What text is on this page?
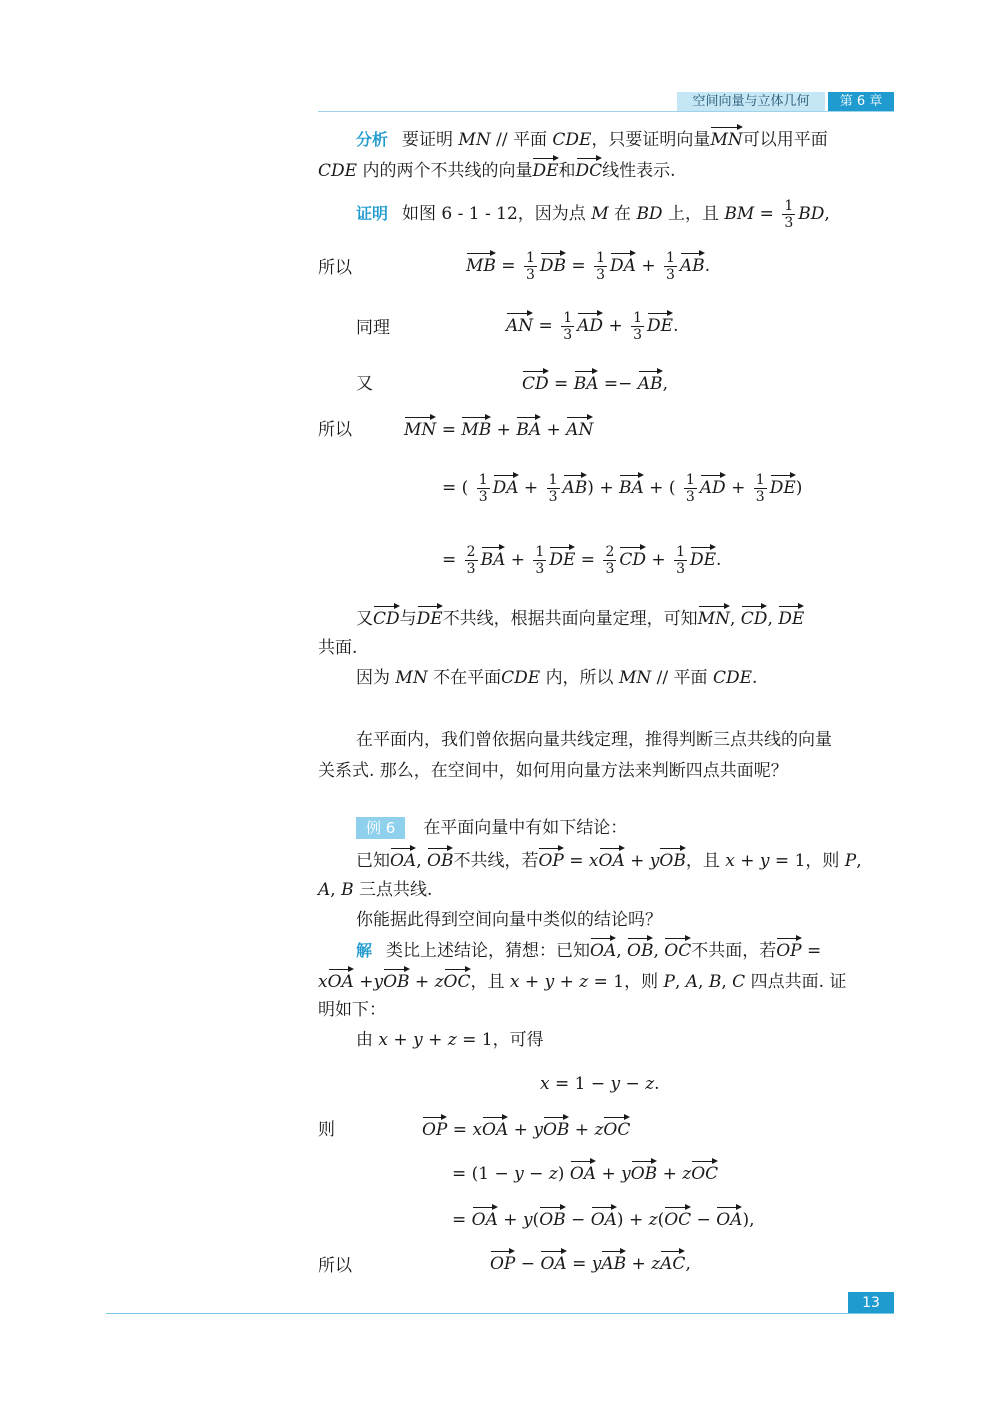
空间向量与立体几何	第 6 章
分析 要证明 MN // 平面 CDE，只要证明向量MN可以用平面
CDE 内的两个不共线的向量DE和DC线性表示.
证明 如图 6 - 1 - 12，因为点 M 在 BD 上，且 BM = $\frac{1}{3}$ BD,
所以	MB = $\frac{1}{3}$ DB = $\frac{1}{3}$ DA + $\frac{1}{3}$ AB.
同理	AN = $\frac{1}{3}$ AD + $\frac{1}{3}$ DE.
又	CD = BA =− AB,
所以	MN = MB + BA + AN
= ( $\frac{1}{3}$ DA + $\frac{1}{3} AB$) + BA + ( $\frac{1}{3}$ AD + $\frac{1}{3} DE$)
= $\frac{2}{3}$ BA + $\frac{1}{3}$ DE = $\frac{2}{3}$ CD + $\frac{1}{3}$ DE.
又CD与DE不共线，根据共面向量定理，可知MN, CD, DE
共面.
因为 MN 不在平面CDE 内，所以 MN // 平面 CDE.
在平面内，我们曾依据向量共线定理，推得判断三点共线的向量
关系式. 那么，在空间中，如何用向量方法来判断四点共面呢？
例 6 在平面向量中有如下结论：
已知OA, OB不共线，若OP = xOA + yOB，且 x + y = 1，则 P,
A, B 三点共线.
你能据此得到空间向量中类似的结论吗？
解 类比上述结论，猜想：已知OA, OB, OC不共面，若OP =
xOA +yOB + zOC，且 x + y + z = 1，则 P, A, B, C 四点共面. 证
明如下：
由 x + y + z = 1，可得
x = 1 − y − z.
则	OP = xOA + yOB + zOC
= (1 − y − z) OA + yOB + zOC
= OA + y(OB − OA) + z(OC − OA),
所以	OP − OA = yAB + zAC,
13
